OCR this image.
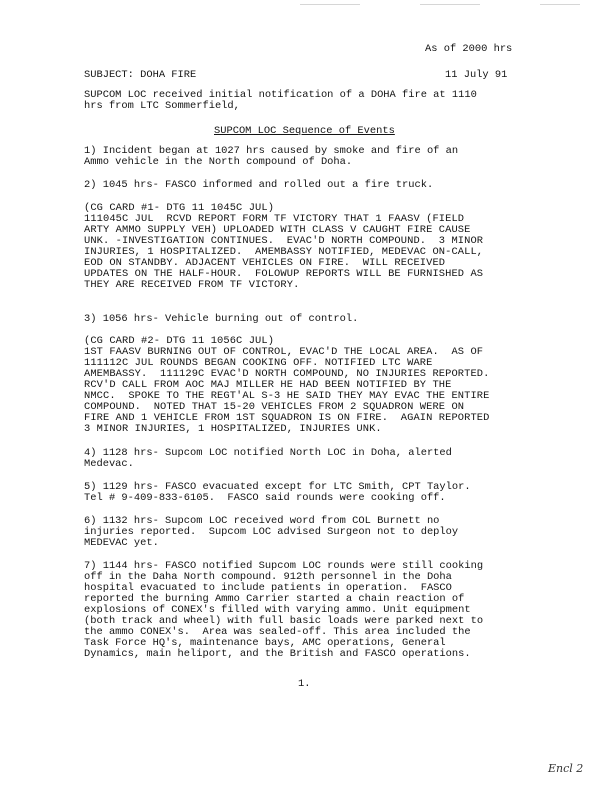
As of 2000 hrs
SUBJECT: DOHA FIRE	11 July 91
SUPCOM LOC received initial notification of a DOHA fire at 1110
hrs from LTC Sommerfield,
SUPCOM LOC Sequence of Events
1) Incident began at 1027 hrs caused by smoke and fire of an
Ammo vehicle in the North compound of Doha.
2) 1045 hrs- FASCO informed and rolled out a fire truck.
(CG CARD #1- DTG 11 1045C JUL)
111045C JUL  RCVD REPORT FORM TF VICTORY THAT 1 FAASV (FIELD
ARTY AMMO SUPPLY VEH) UPLOADED WITH CLASS V CAUGHT FIRE CAUSE
UNK. -INVESTIGATION CONTINUES.  EVAC'D NORTH COMPOUND.  3 MINOR
INJURIES, 1 HOSPITALIZED.  AMEMBASSY NOTIFIED, MEDEVAC ON-CALL,
EOD ON STANDBY. ADJACENT VEHICLES ON FIRE.  WILL RECEIVED
UPDATES ON THE HALF-HOUR.  FOLOWUP REPORTS WILL BE FURNISHED AS
THEY ARE RECEIVED FROM TF VICTORY.
3) 1056 hrs- Vehicle burning out of control.
(CG CARD #2- DTG 11 1056C JUL)
1ST FAASV BURNING OUT OF CONTROL, EVAC'D THE LOCAL AREA.  AS OF
111112C JUL ROUNDS BEGAN COOKING OFF. NOTIFIED LTC WARE
AMEMBASSY.  111129C EVAC'D NORTH COMPOUND, NO INJURIES REPORTED.
RCV'D CALL FROM AOC MAJ MILLER HE HAD BEEN NOTIFIED BY THE
NMCC.  SPOKE TO THE REGT'AL S-3 HE SAID THEY MAY EVAC THE ENTIRE
COMPOUND.  NOTED THAT 15-20 VEHICLES FROM 2 SQUADRON WERE ON
FIRE AND 1 VEHICLE FROM 1ST SQUADRON IS ON FIRE.  AGAIN REPORTED
3 MINOR INJURIES, 1 HOSPITALIZED, INJURIES UNK.
4) 1128 hrs- Supcom LOC notified North LOC in Doha, alerted
Medevac.
5) 1129 hrs- FASCO evacuated except for LTC Smith, CPT Taylor.
Tel # 9-409-833-6105.  FASCO said rounds were cooking off.
6) 1132 hrs- Supcom LOC received word from COL Burnett no
injuries reported.  Supcom LOC advised Surgeon not to deploy
MEDEVAC yet.
7) 1144 hrs- FASCO notified Supcom LOC rounds were still cooking
off in the Daha North compound. 912th personnel in the Doha
hospital evacuated to include patients in operation.  FASCO
reported the burning Ammo Carrier started a chain reaction of
explosions of CONEX's filled with varying ammo. Unit equipment
(both track and wheel) with full basic loads were parked next to
the ammo CONEX's.  Area was sealed-off. This area included the
Task Force HQ's, maintenance bays, AMC operations, General
Dynamics, main heliport, and the British and FASCO operations.
1.
Encl 2
